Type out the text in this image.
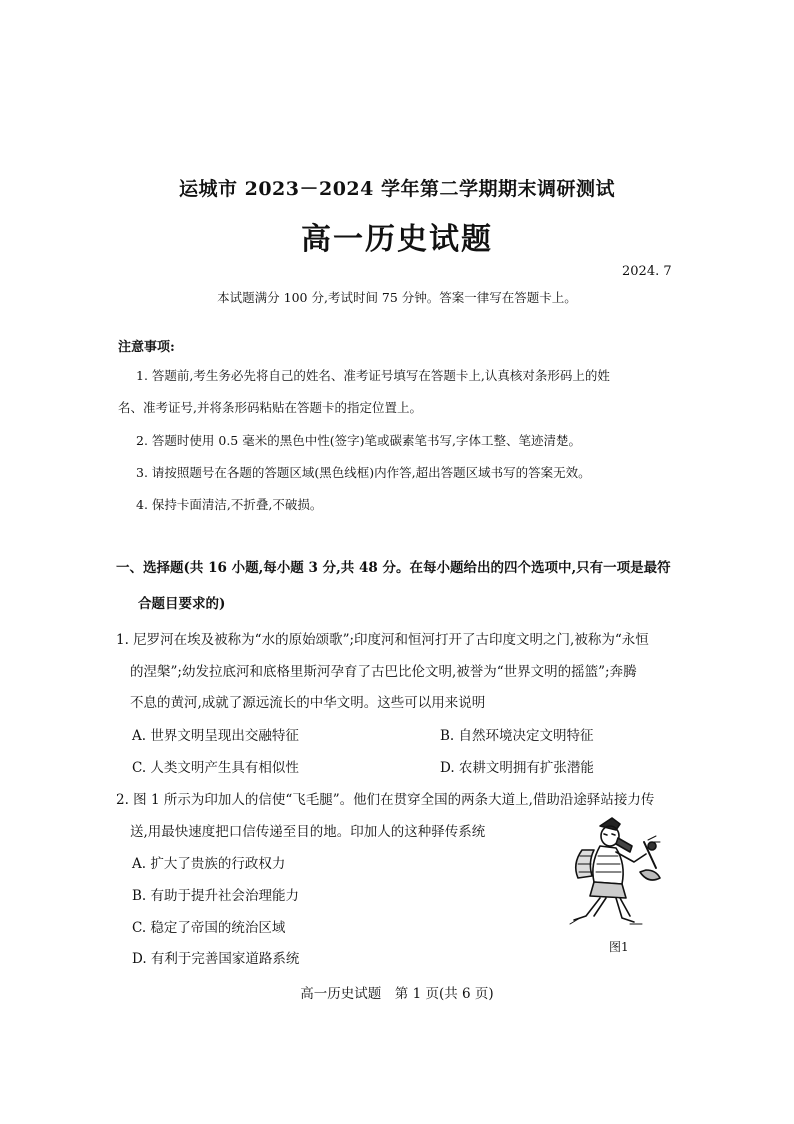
运城市 2023－2024 学年第二学期期末调研测试
高一历史试题
2024. 7
本试题满分 100 分,考试时间 75 分钟。答案一律写在答题卡上。
注意事项:
1. 答题前,考生务必先将自己的姓名、准考证号填写在答题卡上,认真核对条形码上的姓
名、准考证号,并将条形码粘贴在答题卡的指定位置上。
2. 答题时使用 0.5 毫米的黑色中性(签字)笔或碳素笔书写,字体工整、笔迹清楚。
3. 请按照题号在各题的答题区域(黑色线框)内作答,超出答题区域书写的答案无效。
4. 保持卡面清洁,不折叠,不破损。
一、选择题(共 16 小题,每小题 3 分,共 48 分。在每小题给出的四个选项中,只有一项是最符
合题目要求的)
1. 尼罗河在埃及被称为“水的原始颂歌”;印度河和恒河打开了古印度文明之门,被称为“永恒
的涅槃”;幼发拉底河和底格里斯河孕育了古巴比伦文明,被誉为“世界文明的摇篮”;奔腾
不息的黄河,成就了源远流长的中华文明。这些可以用来说明
A. 世界文明呈现出交融特征	B. 自然环境决定文明特征
C. 人类文明产生具有相似性	D. 农耕文明拥有扩张潜能
2. 图 1 所示为印加人的信使“飞毛腿”。他们在贯穿全国的两条大道上,借助沿途驿站接力传
送,用最快速度把口信传递至目的地。印加人的这种驿传系统
A. 扩大了贵族的行政权力
B. 有助于提升社会治理能力
C. 稳定了帝国的统治区域
D. 有利于完善国家道路系统
图1
高一历史试题　第 1 页(共 6 页)
